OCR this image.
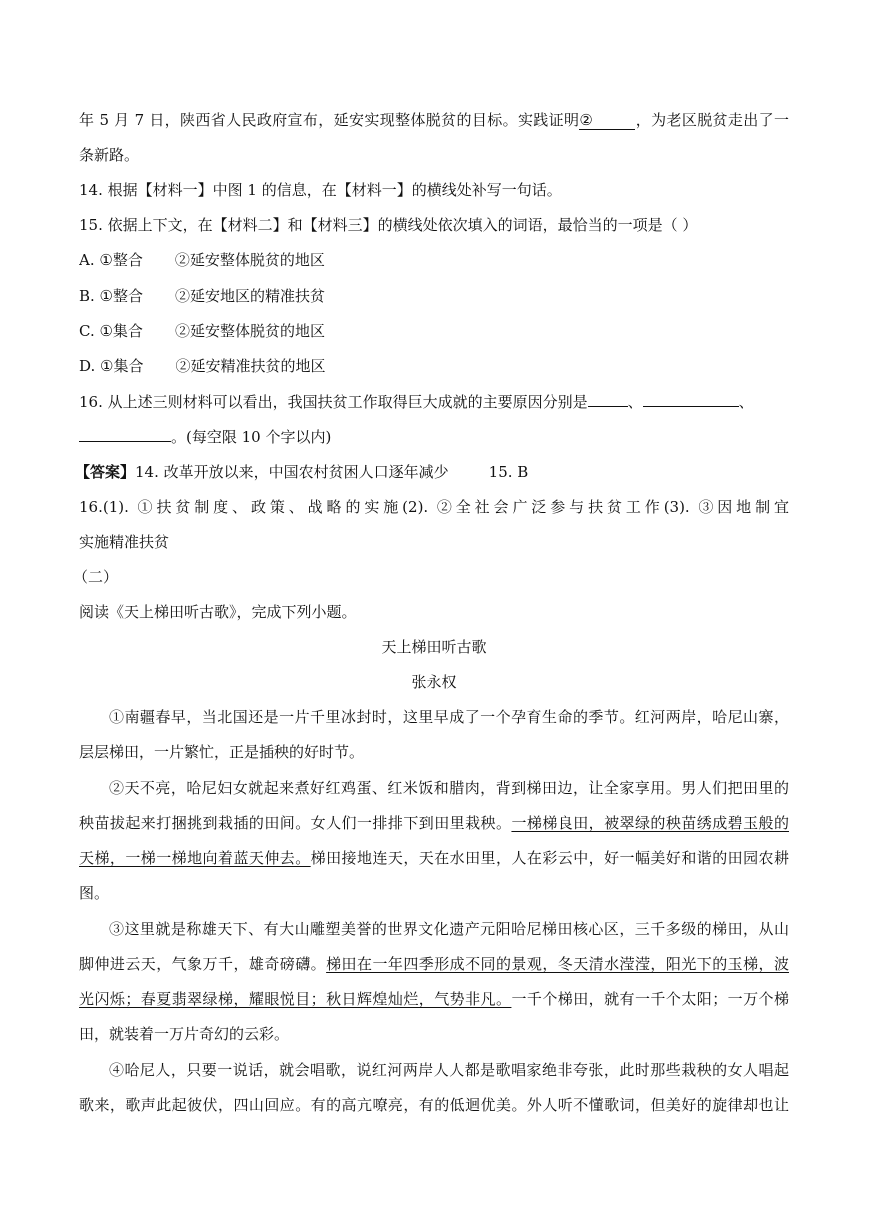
年 5 月 7 日，陕西省人民政府宣布，延安实现整体脱贫的目标。实践证明②	，为老区脱贫走出了一
条新路。
14. 根据【材料一】中图 1 的信息，在【材料一】的横线处补写一句话。
15. 依据上下文，在【材料二】和【材料三】的横线处依次填入的词语，最恰当的一项是（ ）
A. ①整合 ②延安整体脱贫的地区
B. ①整合 ②延安地区的精准扶贫
C. ①集合 ②延安整体脱贫的地区
D. ①集合 ②延安精准扶贫的地区
16. 从上述三则材料可以看出，我国扶贫工作取得巨大成就的主要原因分别是	、	、
。(每空限 10 个字以内)
【答案】14. 改革开放以来，中国农村贫困人口逐年减少	15. B
16.(1). ①扶贫制度、政策、战略的实施(2). ②全社会广泛参与扶贫工作(3). ③因地制宜
实施精准扶贫
（二）
阅读《天上梯田听古歌》，完成下列小题。
天上梯田听古歌
张永权
①南疆春早，当北国还是一片千里冰封时，这里早成了一个孕育生命的季节。红河两岸，哈尼山寨，
层层梯田，一片繁忙，正是插秧的好时节。
②天不亮，哈尼妇女就起来煮好红鸡蛋、红米饭和腊肉，背到梯田边，让全家享用。男人们把田里的
秧苗拔起来打捆挑到栽插的田间。女人们一排排下到田里栽秧。一梯梯良田，被翠绿的秧苗绣成碧玉般的
天梯，一梯一梯地向着蓝天伸去。梯田接地连天，天在水田里，人在彩云中，好一幅美好和谐的田园农耕
图。
③这里就是称雄天下、有大山雕塑美誉的世界文化遗产元阳哈尼梯田核心区，三千多级的梯田，从山
脚伸进云天，气象万千，雄奇磅礴。梯田在一年四季形成不同的景观，冬天清水滢滢，阳光下的玉梯，波
光闪烁；春夏翡翠绿梯，耀眼悦目；秋日辉煌灿烂，气势非凡。一千个梯田，就有一千个太阳；一万个梯
田，就装着一万片奇幻的云彩。
④哈尼人，只要一说话，就会唱歌，说红河两岸人人都是歌唱家绝非夸张，此时那些栽秧的女人唱起
歌来，歌声此起彼伏，四山回应。有的高亢嘹亮，有的低迴优美。外人听不懂歌词，但美好的旋律却也让
